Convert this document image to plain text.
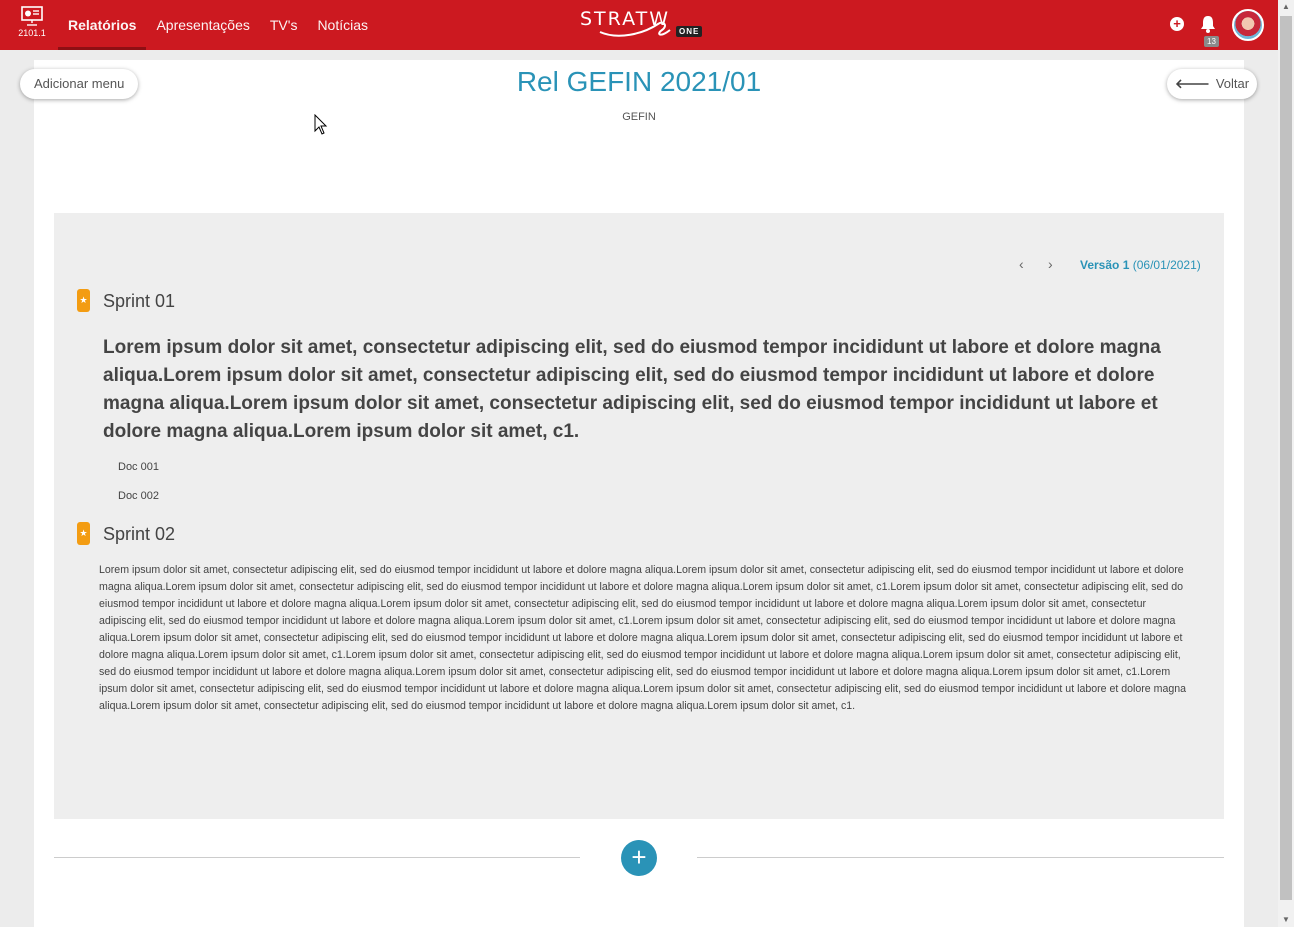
2101.1	Relatórios	Apresentações	TV's	Notícias	STRATW
ONE
+
13
▲
▼
Adicionar menu	🡐 Voltar
Rel GEFIN 2021/01
GEFIN
‹ › Versão 1 (06/01/2021)
★ Sprint 01
Lorem ipsum dolor sit amet, consectetur adipiscing elit, sed do eiusmod tempor incididunt ut labore et dolore magna aliqua.Lorem ipsum dolor sit amet, consectetur adipiscing elit, sed do eiusmod tempor incididunt ut labore et dolore magna aliqua.Lorem ipsum dolor sit amet, consectetur adipiscing elit, sed do eiusmod tempor incididunt ut labore et dolore magna aliqua.Lorem ipsum dolor sit amet, c1.
Doc 001
Doc 002
★ Sprint 02
Lorem ipsum dolor sit amet, consectetur adipiscing elit, sed do eiusmod tempor incididunt ut labore et dolore magna aliqua.Lorem ipsum dolor sit amet, consectetur adipiscing elit, sed do eiusmod tempor incididunt ut labore et dolore magna aliqua.Lorem ipsum dolor sit amet, consectetur adipiscing elit, sed do eiusmod tempor incididunt ut labore et dolore magna aliqua.Lorem ipsum dolor sit amet, c1.Lorem ipsum dolor sit amet, consectetur adipiscing elit, sed do eiusmod tempor incididunt ut labore et dolore magna aliqua.Lorem ipsum dolor sit amet, consectetur adipiscing elit, sed do eiusmod tempor incididunt ut labore et dolore magna aliqua.Lorem ipsum dolor sit amet, consectetur adipiscing elit, sed do eiusmod tempor incididunt ut labore et dolore magna aliqua.Lorem ipsum dolor sit amet, c1.Lorem ipsum dolor sit amet, consectetur adipiscing elit, sed do eiusmod tempor incididunt ut labore et dolore magna aliqua.Lorem ipsum dolor sit amet, consectetur adipiscing elit, sed do eiusmod tempor incididunt ut labore et dolore magna aliqua.Lorem ipsum dolor sit amet, consectetur adipiscing elit, sed do eiusmod tempor incididunt ut labore et dolore magna aliqua.Lorem ipsum dolor sit amet, c1.Lorem ipsum dolor sit amet, consectetur adipiscing elit, sed do eiusmod tempor incididunt ut labore et dolore magna aliqua.Lorem ipsum dolor sit amet, consectetur adipiscing elit, sed do eiusmod tempor incididunt ut labore et dolore magna aliqua.Lorem ipsum dolor sit amet, consectetur adipiscing elit, sed do eiusmod tempor incididunt ut labore et dolore magna aliqua.Lorem ipsum dolor sit amet, c1.Lorem ipsum dolor sit amet, consectetur adipiscing elit, sed do eiusmod tempor incididunt ut labore et dolore magna aliqua.Lorem ipsum dolor sit amet, consectetur adipiscing elit, sed do eiusmod tempor incididunt ut labore et dolore magna aliqua.Lorem ipsum dolor sit amet, consectetur adipiscing elit, sed do eiusmod tempor incididunt ut labore et dolore magna aliqua.Lorem ipsum dolor sit amet, c1.
+
